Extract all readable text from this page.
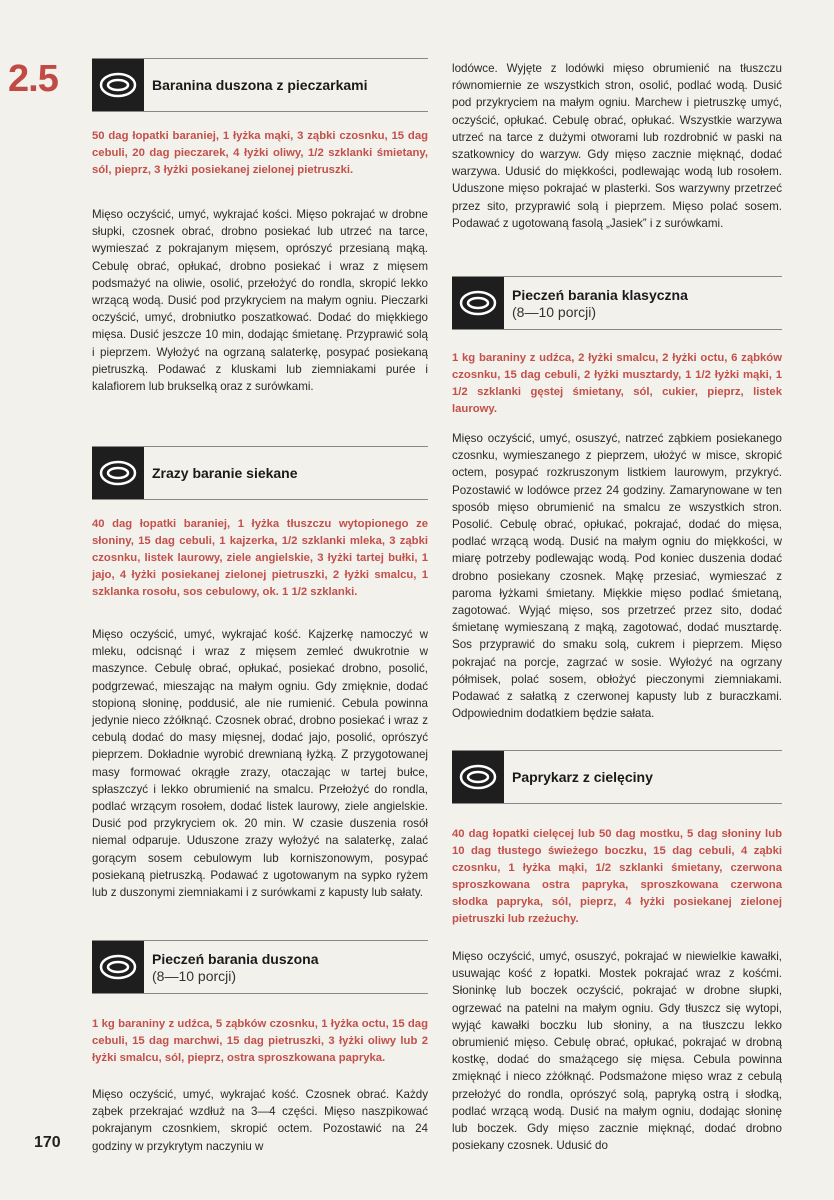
2.5
170
Baranina duszona z pieczarkami
50 dag łopatki baraniej, 1 łyżka mąki, 3 ząbki czosnku, 15 dag cebuli, 20 dag pieczarek, 4 łyżki oliwy, 1/2 szklanki śmietany, sól, pieprz, 3 łyżki posiekanej zielonej pietruszki.
Mięso oczyścić, umyć, wykrajać kości. Mięso pokrajać w drobne słupki, czosnek obrać, drobno posiekać lub utrzeć na tarce, wymieszać z pokrajanym mięsem, oprószyć przesianą mąką. Cebulę obrać, opłukać, drobno posiekać i wraz z mięsem podsmażyć na oliwie, osolić, przełożyć do rondla, skropić lekko wrzącą wodą. Dusić pod przykryciem na małym ogniu. Pieczarki oczyścić, umyć, drobniutko poszatkować. Dodać do miękkiego mięsa. Dusić jeszcze 10 min, dodając śmietanę. Przyprawić solą i pieprzem. Wyłożyć na ogrzaną salaterkę, posypać posiekaną pietruszką. Podawać z kluskami lub ziemniakami purée i kalafiorem lub brukselką oraz z surówkami.
Zrazy baranie siekane
40 dag łopatki baraniej, 1 łyżka tłuszczu wytopionego ze słoniny, 15 dag cebuli, 1 kajzerka, 1/2 szklanki mleka, 3 ząbki czosnku, listek laurowy, ziele angielskie, 3 łyżki tartej bułki, 1 jajo, 4 łyżki posiekanej zielonej pietruszki, 2 łyżki smalcu, 1 szklanka rosołu, sos cebulowy, ok. 1 1/2 szklanki.
Mięso oczyścić, umyć, wykrajać kość. Kajzerkę namoczyć w mleku, odcisnąć i wraz z mięsem zemleć dwukrotnie w maszynce. Cebulę obrać, opłukać, posiekać drobno, posolić, podgrzewać, mieszając na małym ogniu. Gdy zmięknie, dodać stopioną słoninę, poddusić, ale nie rumienić. Cebula powinna jedynie nieco zżółknąć. Czosnek obrać, drobno posiekać i wraz z cebulą dodać do masy mięsnej, dodać jajo, posolić, oprószyć pieprzem. Dokładnie wyrobić drewnianą łyżką. Z przygotowanej masy formować okrągłe zrazy, otaczając w tartej bułce, spłaszczyć i lekko obrumienić na smalcu. Przełożyć do rondla, podlać wrzącym rosołem, dodać listek laurowy, ziele angielskie. Dusić pod przykryciem ok. 20 min. W czasie duszenia rosół niemal odparuje. Uduszone zrazy wyłożyć na salaterkę, zalać gorącym sosem cebulowym lub korniszonowym, posypać posiekaną pietruszką. Podawać z ugotowanym na sypko ryżem lub z duszonymi ziemniakami i z surówkami z kapusty lub sałaty.
Pieczeń barania duszona
(8—10 porcji)
1 kg baraniny z udźca, 5 ząbków czosnku, 1 łyżka octu, 15 dag cebuli, 15 dag marchwi, 15 dag pietruszki, 3 łyżki oliwy lub 2 łyżki smalcu, sól, pieprz, ostra sproszkowana papryka.
Mięso oczyścić, umyć, wykrajać kość. Czosnek obrać. Każdy ząbek przekrajać wzdłuż na 3—4 części. Mięso naszpikować pokrajanym czosnkiem, skropić octem. Pozostawić na 24 godziny w przykrytym naczyniu w
lodówce. Wyjęte z lodówki mięso obrumienić na tłuszczu równomiernie ze wszystkich stron, osolić, podlać wodą. Dusić pod przykryciem na małym ogniu. Marchew i pietruszkę umyć, oczyścić, opłukać. Cebulę obrać, opłukać. Wszystkie warzywa utrzeć na tarce z dużymi otworami lub rozdrobnić w paski na szatkownicy do warzyw. Gdy mięso zacznie mięknąć, dodać warzywa. Udusić do miękkości, podlewając wodą lub rosołem. Uduszone mięso pokrajać w plasterki. Sos warzywny przetrzeć przez sito, przyprawić solą i pieprzem. Mięso polać sosem. Podawać z ugotowaną fasolą „Jasiek” i z surówkami.
Pieczeń barania klasyczna
(8—10 porcji)
1 kg baraniny z udźca, 2 łyżki smalcu, 2 łyżki octu, 6 ząbków czosnku, 15 dag cebuli, 2 łyżki musztardy, 1 1/2 łyżki mąki, 1 1/2 szklanki gęstej śmietany, sól, cukier, pieprz, listek laurowy.
Mięso oczyścić, umyć, osuszyć, natrzeć ząbkiem posiekanego czosnku, wymieszanego z pieprzem, ułożyć w misce, skropić octem, posypać rozkruszonym listkiem laurowym, przykryć. Pozostawić w lodówce przez 24 godziny. Zamarynowane w ten sposób mięso obrumienić na smalcu ze wszystkich stron. Posolić. Cebulę obrać, opłukać, pokrajać, dodać do mięsa, podlać wrzącą wodą. Dusić na małym ogniu do miękkości, w miarę potrzeby podlewając wodą. Pod koniec duszenia dodać drobno posiekany czosnek. Mąkę przesiać, wymieszać z paroma łyżkami śmietany. Miękkie mięso podlać śmietaną, zagotować. Wyjąć mięso, sos przetrzeć przez sito, dodać śmietanę wymieszaną z mąką, zagotować, dodać musztardę. Sos przyprawić do smaku solą, cukrem i pieprzem. Mięso pokrajać na porcje, zagrzać w sosie. Wyłożyć na ogrzany półmisek, polać sosem, obłożyć pieczonymi ziemniakami. Podawać z sałatką z czerwonej kapusty lub z buraczkami. Odpowiednim dodatkiem będzie sałata.
Paprykarz z cielęciny
40 dag łopatki cielęcej lub 50 dag mostku, 5 dag słoniny lub 10 dag tłustego świeżego boczku, 15 dag cebuli, 4 ząbki czosnku, 1 łyżka mąki, 1/2 szklanki śmietany, czerwona sproszkowana ostra papryka, sproszkowana czerwona słodka papryka, sól, pieprz, 4 łyżki posiekanej zielonej pietruszki lub rzeżuchy.
Mięso oczyścić, umyć, osuszyć, pokrajać w niewielkie kawałki, usuwając kość z łopatki. Mostek pokrajać wraz z kośćmi. Słoninkę lub boczek oczyścić, pokrajać w drobne słupki, ogrzewać na patelni na małym ogniu. Gdy tłuszcz się wytopi, wyjąć kawałki boczku lub słoniny, a na tłuszczu lekko obrumienić mięso. Cebulę obrać, opłukać, pokrajać w drobną kostkę, dodać do smażącego się mięsa. Cebula powinna zmięknąć i nieco zżółknąć. Podsmażone mięso wraz z cebulą przełożyć do rondla, oprószyć solą, papryką ostrą i słodką, podlać wrzącą wodą. Dusić na małym ogniu, dodając słoninę lub boczek. Gdy mięso zacznie mięknąć, dodać drobno posiekany czosnek. Udusić do
